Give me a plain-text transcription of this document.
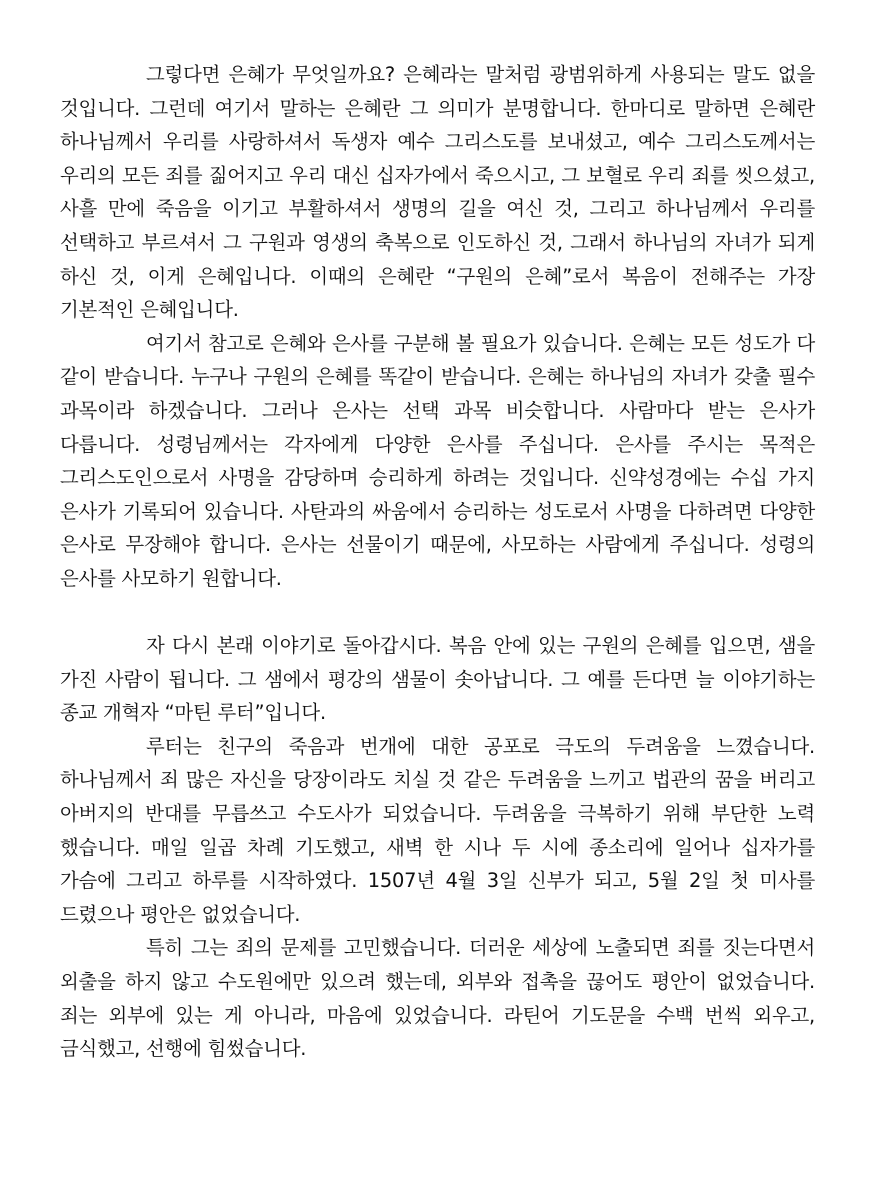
그렇다면 은혜가 무엇일까요? 은혜라는 말처럼 광범위하게 사용되는 말도 없을 것입니다. 그런데 여기서 말하는 은혜란 그 의미가 분명합니다. 한마디로 말하면 은혜란 하나님께서 우리를 사랑하셔서 독생자 예수 그리스도를 보내셨고, 예수 그리스도께서는 우리의 모든 죄를 짊어지고 우리 대신 십자가에서 죽으시고, 그 보혈로 우리 죄를 씻으셨고, 사흘 만에 죽음을 이기고 부활하셔서 생명의 길을 여신 것, 그리고 하나님께서 우리를 선택하고 부르셔서 그 구원과 영생의 축복으로 인도하신 것, 그래서 하나님의 자녀가 되게 하신 것, 이게 은혜입니다. 이때의 은혜란 “구원의 은혜”로서 복음이 전해주는 가장 기본적인 은혜입니다.

여기서 참고로 은혜와 은사를 구분해 볼 필요가 있습니다. 은혜는 모든 성도가 다 같이 받습니다. 누구나 구원의 은혜를 똑같이 받습니다. 은혜는 하나님의 자녀가 갖출 필수 과목이라 하겠습니다. 그러나 은사는 선택 과목 비슷합니다. 사람마다 받는 은사가 다릅니다. 성령님께서는 각자에게 다양한 은사를 주십니다. 은사를 주시는 목적은 그리스도인으로서 사명을 감당하며 승리하게 하려는 것입니다. 신약성경에는 수십 가지 은사가 기록되어 있습니다. 사탄과의 싸움에서 승리하는 성도로서 사명을 다하려면 다양한 은사로 무장해야 합니다. 은사는 선물이기 때문에, 사모하는 사람에게 주십니다. 성령의 은사를 사모하기 원합니다.

자 다시 본래 이야기로 돌아갑시다. 복음 안에 있는 구원의 은혜를 입으면, 샘을 가진 사람이 됩니다. 그 샘에서 평강의 샘물이 솟아납니다. 그 예를 든다면 늘 이야기하는 종교 개혁자 “마틴 루터”입니다.

루터는 친구의 죽음과 번개에 대한 공포로 극도의 두려움을 느꼈습니다. 하나님께서 죄 많은 자신을 당장이라도 치실 것 같은 두려움을 느끼고 법관의 꿈을 버리고 아버지의 반대를 무릅쓰고 수도사가 되었습니다. 두려움을 극복하기 위해 부단한 노력 했습니다. 매일 일곱 차례 기도했고, 새벽 한 시나 두 시에 종소리에 일어나 십자가를 가슴에 그리고 하루를 시작하였다. 1507년 4월 3일 신부가 되고, 5월 2일 첫 미사를 드렸으나 평안은 없었습니다.

특히 그는 죄의 문제를 고민했습니다. 더러운 세상에 노출되면 죄를 짓는다면서 외출을 하지 않고 수도원에만 있으려 했는데, 외부와 접촉을 끊어도 평안이 없었습니다. 죄는 외부에 있는 게 아니라, 마음에 있었습니다. 라틴어 기도문을 수백 번씩 외우고, 금식했고, 선행에 힘썼습니다.
